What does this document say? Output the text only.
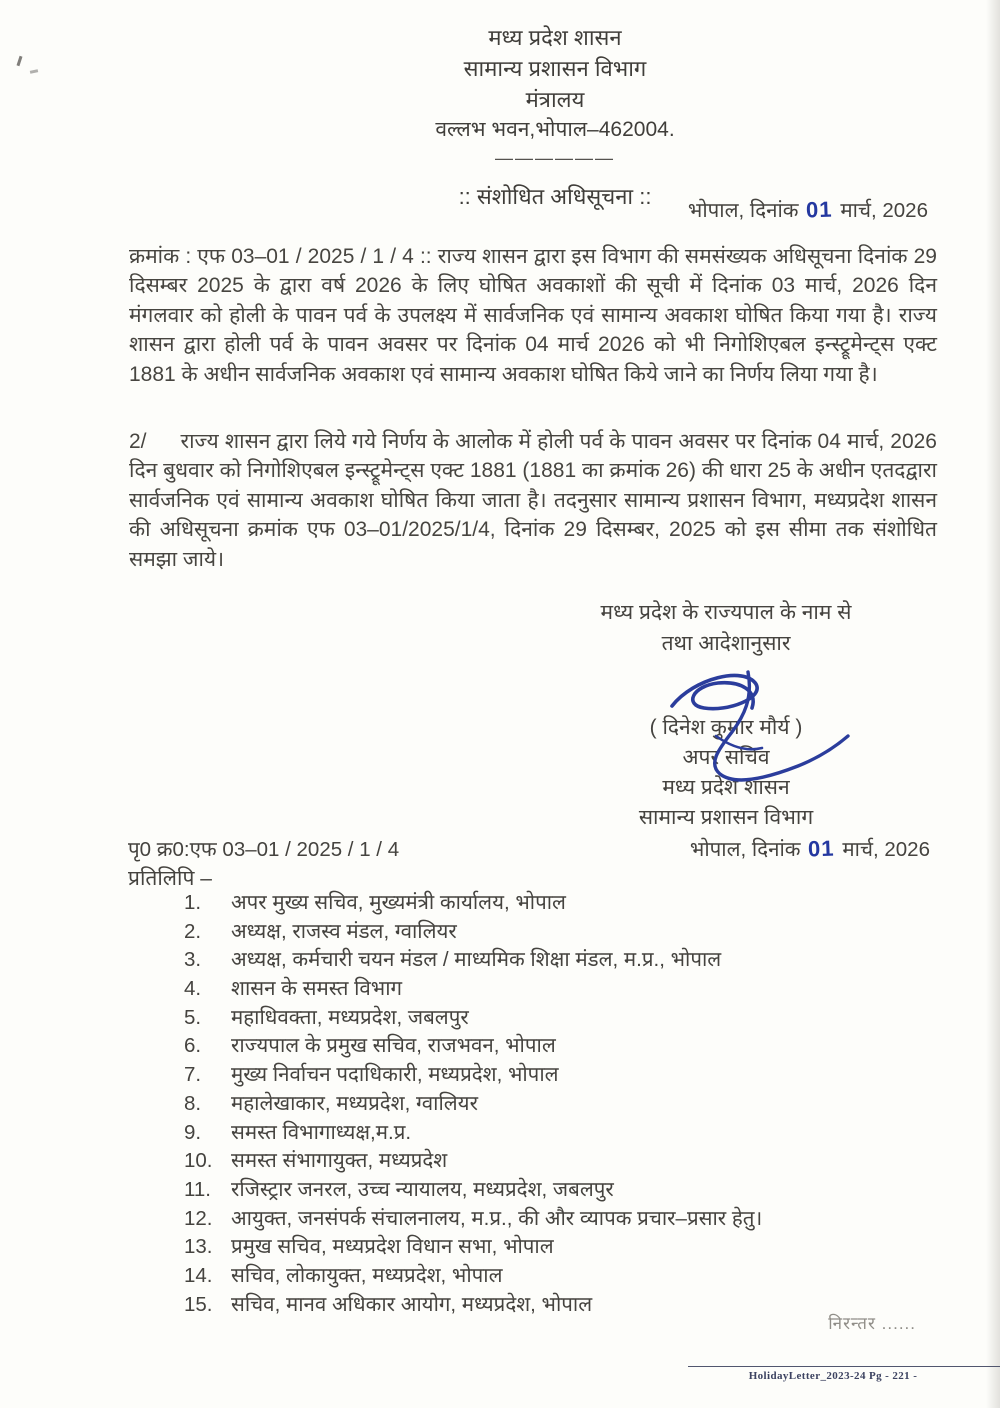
मध्य प्रदेश शासन
सामान्य प्रशासन विभाग
मंत्रालय
वल्लभ भवन,भोपाल–462004.
——————
:: संशोधित अधिसूचना ::
भोपाल, दिनांक 01 मार्च, 2026
क्रमांक : एफ 03–01 / 2025 / 1 / 4 :: राज्य शासन द्वारा इस विभाग की समसंख्यक अधिसूचना दिनांक 29 दिसम्बर 2025 के द्वारा वर्ष 2026 के लिए घोषित अवकाशों की सूची में दिनांक 03 मार्च, 2026 दिन मंगलवार को होली के पावन पर्व के उपलक्ष्य में सार्वजनिक एवं सामान्य अवकाश घोषित किया गया है। राज्य शासन द्वारा होली पर्व के पावन अवसर पर दिनांक 04 मार्च 2026 को भी निगोशिएबल इन्स्ट्रूमेन्ट्स एक्ट 1881 के अधीन सार्वजनिक अवकाश एवं सामान्य अवकाश घोषित किये जाने का निर्णय लिया गया है।
2/ राज्य शासन द्वारा लिये गये निर्णय के आलोक में होली पर्व के पावन अवसर पर दिनांक 04 मार्च, 2026 दिन बुधवार को निगोशिएबल इन्स्ट्रूमेन्ट्स एक्ट 1881 (1881 का क्रमांक 26) की धारा 25 के अधीन एतदद्वारा सार्वजनिक एवं सामान्य अवकाश घोषित किया जाता है। तदनुसार सामान्य प्रशासन विभाग, मध्यप्रदेश शासन की अधिसूचना क्रमांक एफ 03–01/2025/1/4, दिनांक 29 दिसम्बर, 2025 को इस सीमा तक संशोधित समझा जाये।
मध्य प्रदेश के राज्यपाल के नाम से
तथा आदेशानुसार
( दिनेश कुमार मौर्य )
अपर सचिव
मध्य प्रदेश शासन
सामान्य प्रशासन विभाग
पृ0 क्र0:एफ 03–01 / 2025 / 1 / 4	भोपाल, दिनांक 01 मार्च, 2026
प्रतिलिपि –
1.	अपर मुख्य सचिव, मुख्यमंत्री कार्यालय, भोपाल
2.	अध्यक्ष, राजस्व मंडल, ग्वालियर
3.	अध्यक्ष, कर्मचारी चयन मंडल / माध्यमिक शिक्षा मंडल, म.प्र., भोपाल
4.	शासन के समस्त विभाग
5.	महाधिवक्ता, मध्यप्रदेश, जबलपुर
6.	राज्यपाल के प्रमुख सचिव, राजभवन, भोपाल
7.	मुख्य निर्वाचन पदाधिकारी, मध्यप्रदेश, भोपाल
8.	महालेखाकार, मध्यप्रदेश, ग्वालियर
9.	समस्त विभागाध्यक्ष,म.प्र.
10. समस्त संभागायुक्त, मध्यप्रदेश
11. रजिस्ट्रार जनरल, उच्च न्यायालय, मध्यप्रदेश, जबलपुर
12. आयुक्त, जनसंपर्क संचालनालय, म.प्र., की और व्यापक प्रचार–प्रसार हेतु।
13. प्रमुख सचिव, मध्यप्रदेश विधान सभा, भोपाल
14. सचिव, लोकायुक्त, मध्यप्रदेश, भोपाल
15. सचिव, मानव अधिकार आयोग, मध्यप्रदेश, भोपाल
निरन्तर ......
HolidayLetter_2023-24 Pg - 221 -
